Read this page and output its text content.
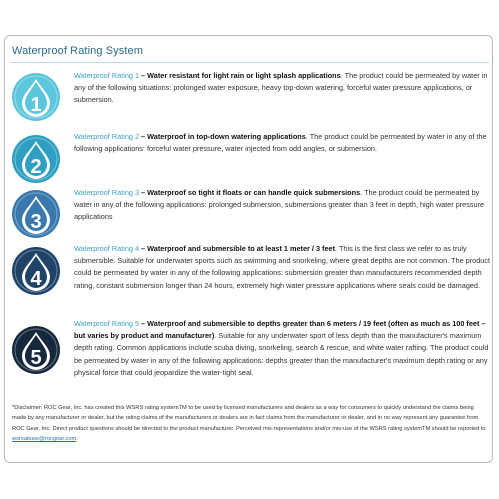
Waterproof Rating System
1
Waterproof Rating 1 – Water resistant for light rain or light splash applications. The product could be permeated by water in any of the following situations: prolonged water exposure, heavy top-down watering, forceful water pressure applications, or submersion.
2
Waterproof Rating 2 – Waterproof in top-down watering applications. The product could be permeated by water in any of the following applications: forceful water pressure, water injected from odd angles, or submersion.
3
Waterproof Rating 3 – Waterproof so tight it floats or can handle quick submersions. The product could be permeated by water in any of the following applications: prolonged submersion, submersions greater than 3 feet in depth, high water pressure applications
4
Waterproof Rating 4 – Waterproof and submersible to at least 1 meter / 3 feet. This is the first class we refer to as truly submersible. Suitable for underwater sports such as swimming and snorkeling, where great depths are not common. The product could be permeated by water in any of the following applications: submersion greater than manufacturers recommended depth rating, constant submersion longer than 24 hours, extremely high water pressure applications where seals could be damaged.
5
Waterproof Rating 5 – Waterproof and submersible to depths greater than 6 meters / 19 feet (often as much as 100 feet – but varies by product and manufacturer). Suitable for any underwater sport of less depth than the manufacturer's maximum depth rating. Common applications include scuba diving, snorkeling, search & rescue, and white water rafting. The product could be permeated by water in any of the following applications: depths greater than the manufacturer's maximum depth rating or any physical force that could jeopardize the water-tight seal.
*Disclaimer: ROC Gear, Inc. has created this WSRS rating systemTM to be used by licensed manufacturers and dealers as a way for consumers to quickly understand the claims being made by any manufacturer or dealer, but the rating claims of the manufacturers or dealers are in fact claims from the manufacturer or dealer, and in no way represent any guarantee from ROC Gear, Inc. Direct product questions should be directed to the product manufacturer. Perceived mis-representations and/or mis-use of the WSRS rating systemTM should be reported to wsrsabuse@rocgear.com.
